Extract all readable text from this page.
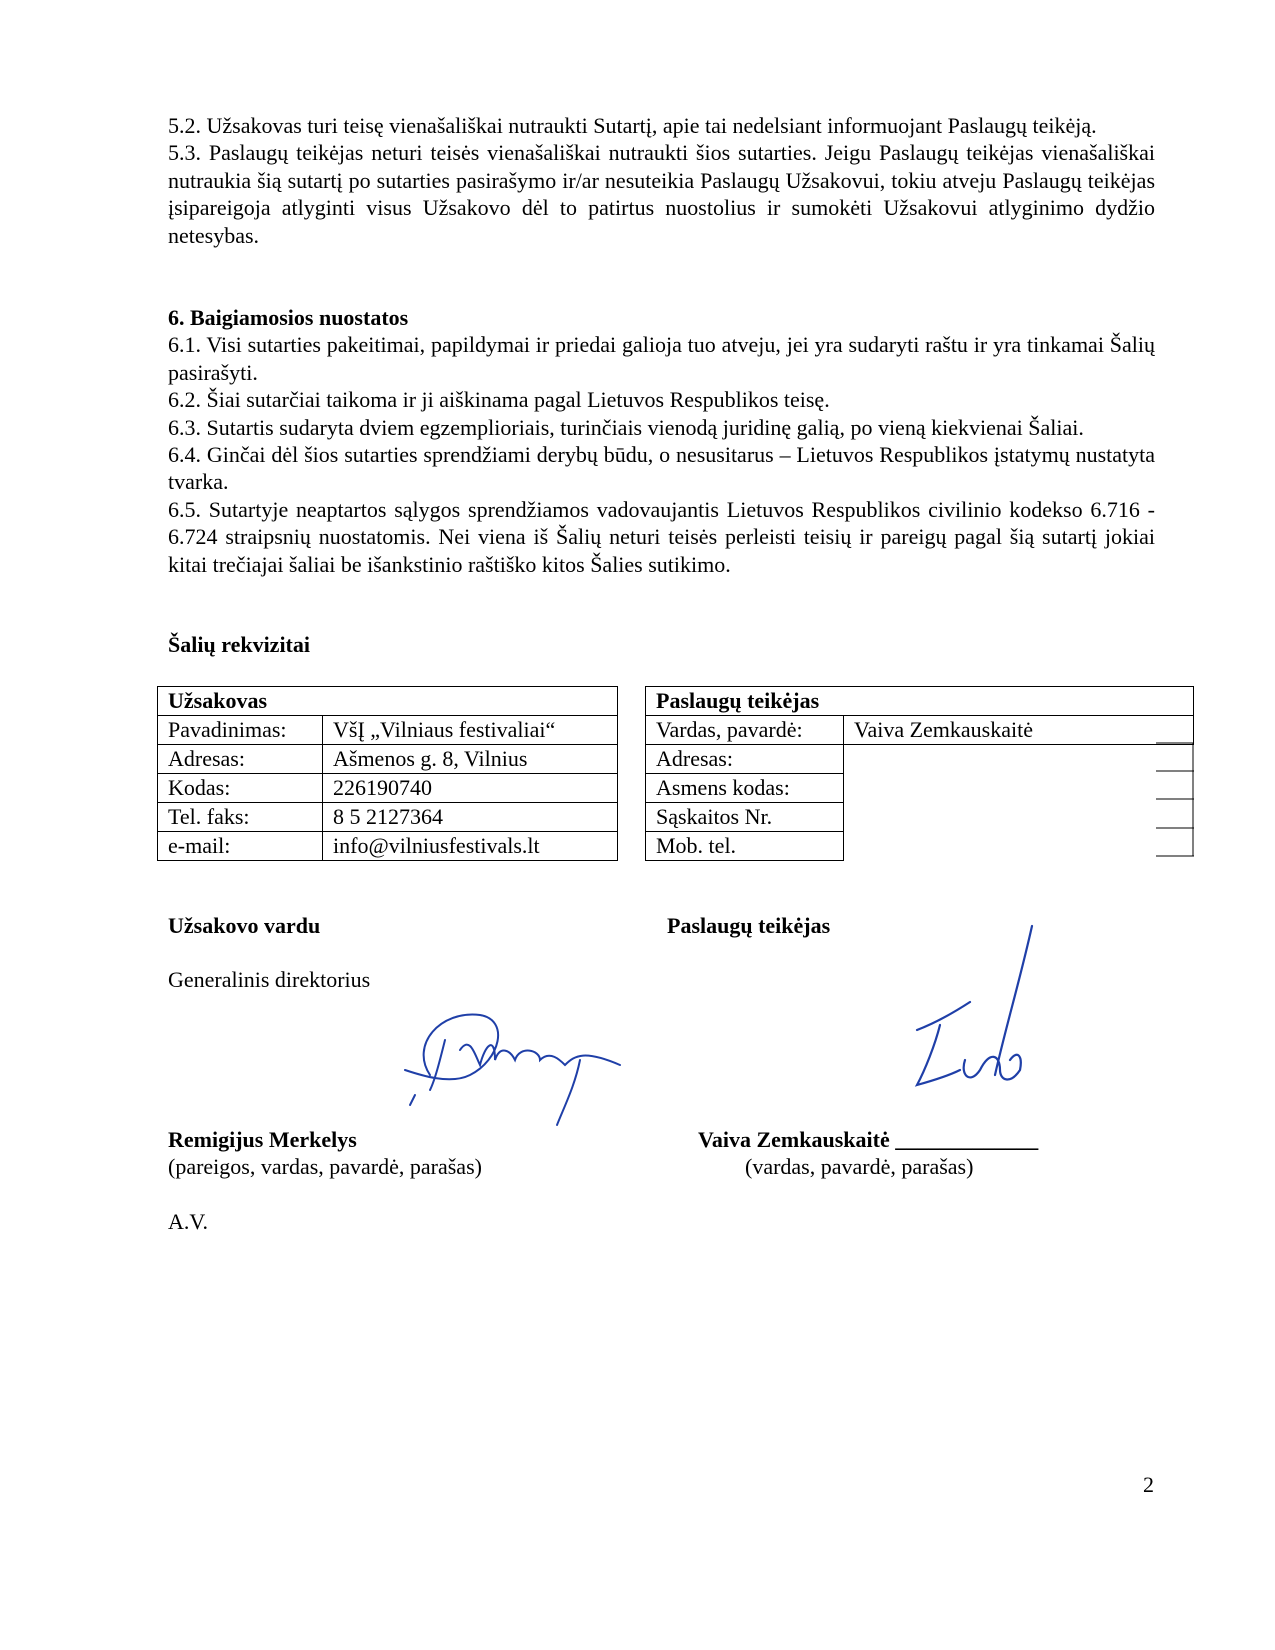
5.2. Užsakovas turi teisę vienašališkai nutraukti Sutartį, apie tai nedelsiant informuojant Paslaugų teikėją.

5.3. Paslaugų teikėjas neturi teisės vienašališkai nutraukti šios sutarties. Jeigu Paslaugų teikėjas vienašališkai nutraukia šią sutartį po sutarties pasirašymo ir/ar nesuteikia Paslaugų Užsakovui, tokiu atveju Paslaugų teikėjas įsipareigoja atlyginti visus Užsakovo dėl to patirtus nuostolius ir sumokėti Užsakovui atlyginimo dydžio netesybas.

6. Baigiamosios nuostatos

6.1. Visi sutarties pakeitimai, papildymai ir priedai galioja tuo atveju, jei yra sudaryti raštu ir yra tinkamai Šalių pasirašyti.

6.2. Šiai sutarčiai taikoma ir ji aiškinama pagal Lietuvos Respublikos teisę.

6.3. Sutartis sudaryta dviem egzemplioriais, turinčiais vienodą juridinę galią, po vieną kiekvienai Šaliai.

6.4. Ginčai dėl šios sutarties sprendžiami derybų būdu, o nesusitarus – Lietuvos Respublikos įstatymų nustatyta tvarka.

6.5. Sutartyje neaptartos sąlygos sprendžiamos vadovaujantis Lietuvos Respublikos civilinio kodekso 6.716 - 6.724 straipsnių nuostatomis. Nei viena iš Šalių neturi teisės perleisti teisių ir pareigų pagal šią sutartį jokiai kitai trečiajai šaliai be išankstinio raštiško kitos Šalies sutikimo.

Šalių rekvizitai
Užsakovas	
Pavadinimas:	VšĮ „Vilniaus festivaliai“
Adresas:	Ašmenos g. 8, Vilnius
Kodas:	226190740
Tel. faks:	8 5 2127364
e-mail:	info@vilniusfestivals.lt
Paslaugų teikėjas	
Vardas, pavardė:	Vaiva Zemkauskaitė
Adresas:	
Asmens kodas:	
Sąskaitos Nr.	
Mob. tel.	
Užsakovo vardu	Paslaugų teikėjas
Generalinis direktorius
Remigijus Merkelys
(pareigos, vardas, pavardė, parašas)
Vaiva Zemkauskaitė _____________
(vardas, pavardė, parašas)
A.V.
2
